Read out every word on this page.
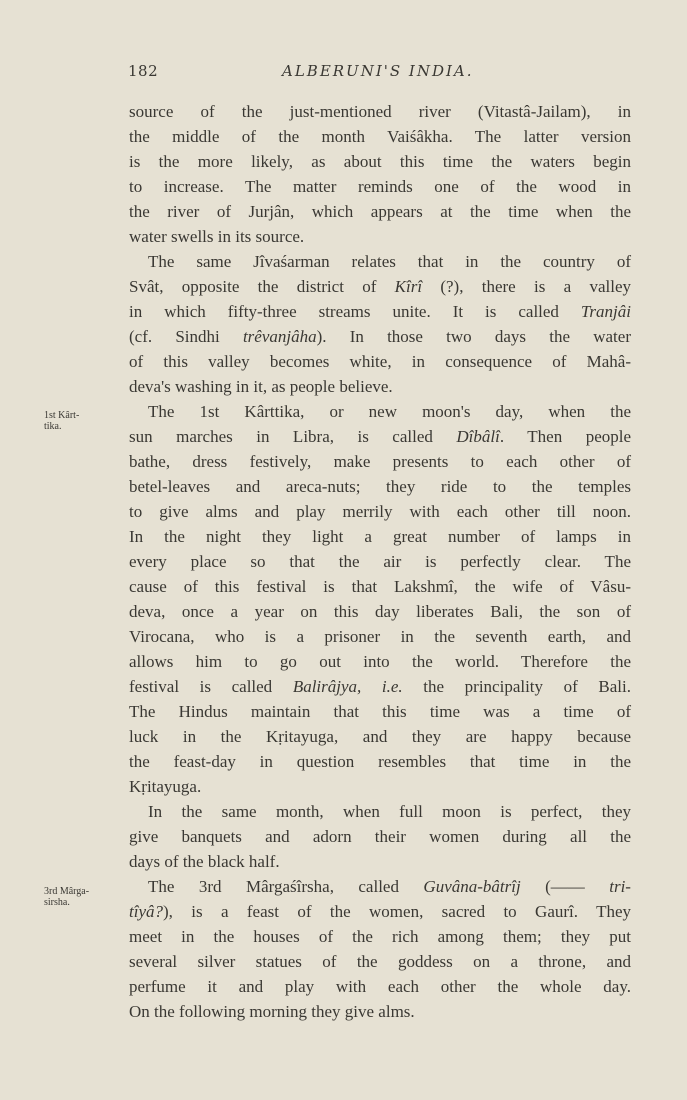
182	ALBERUNI'S INDIA.
1st Kârt-
tika.
3rd Mârga-
sirsha.
source of the just-mentioned river (Vitastâ-Jailam), in
the middle of the month Vaiśâkha. The latter version
is the more likely, as about this time the waters begin
to increase. The matter reminds one of the wood in
the river of Jurjân, which appears at the time when the
water swells in its source.
The same Jîvaśarman relates that in the country of
Svât, opposite the district of Kîrî (?), there is a valley
in which fifty-three streams unite. It is called Tranjâi
(cf. Sindhi trêvanjâha). In those two days the water
of this valley becomes white, in consequence of Mahâ-
deva's washing in it, as people believe.
The 1st Kârttika, or new moon's day, when the
sun marches in Libra, is called Dîbâlî. Then people
bathe, dress festively, make presents to each other of
betel-leaves and areca-nuts; they ride to the temples
to give alms and play merrily with each other till noon.
In the night they light a great number of lamps in
every place so that the air is perfectly clear. The
cause of this festival is that Lakshmî, the wife of Vâsu-
deva, once a year on this day liberates Bali, the son of
Virocana, who is a prisoner in the seventh earth, and
allows him to go out into the world. Therefore the
festival is called Balirâjya, i.e. the principality of Bali.
The Hindus maintain that this time was a time of
luck in the Kṛitayuga, and they are happy because
the feast-day in question resembles that time in the
Kṛitayuga.
In the same month, when full moon is perfect, they
give banquets and adorn their women during all the
days of the black half.
The 3rd Mârgaśîrsha, called Guvâna-bâtrîj (—— tri-
tîyâ?), is a feast of the women, sacred to Gaurî. They
meet in the houses of the rich among them; they put
several silver statues of the goddess on a throne, and
perfume it and play with each other the whole day.
On the following morning they give alms.
